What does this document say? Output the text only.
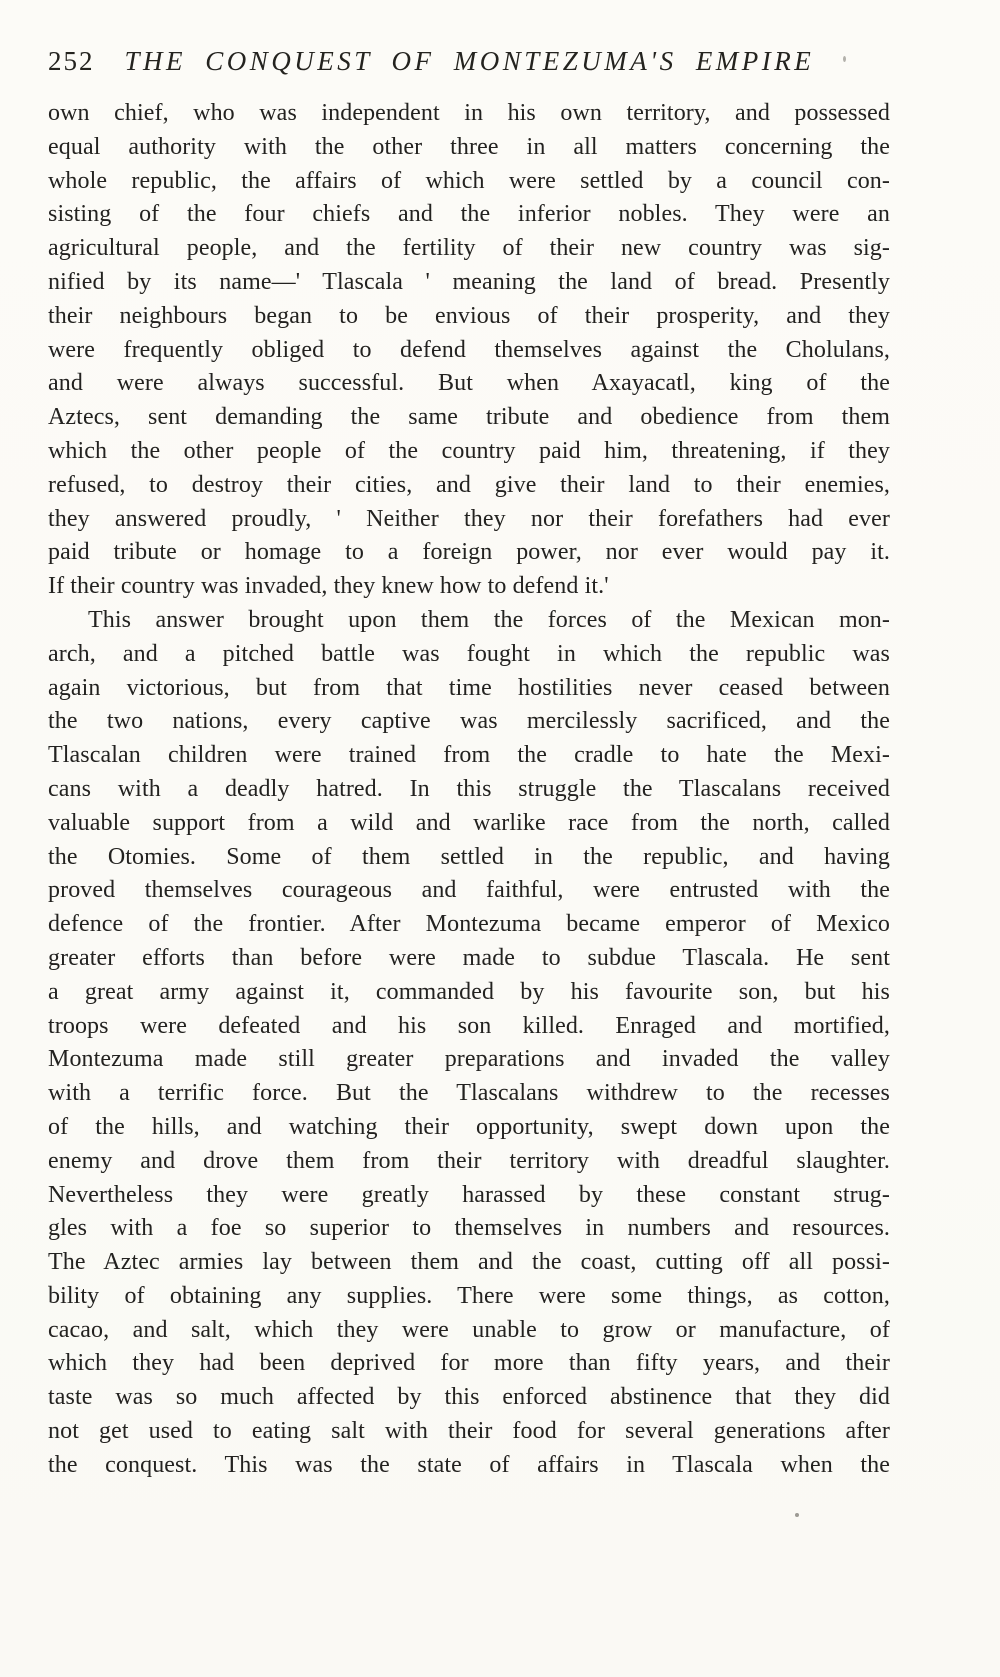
252 THE CONQUEST OF MONTEZUMA'S EMPIRE
own chief, who was independent in his own territory, and possessed
equal authority with the other three in all matters concerning the
whole republic, the affairs of which were settled by a council con-
sisting of the four chiefs and the inferior nobles. They were an
agricultural people, and the fertility of their new country was sig-
nified by its name—' Tlascala ' meaning the land of bread. Presently
their neighbours began to be envious of their prosperity, and they
were frequently obliged to defend themselves against the Cholulans,
and were always successful. But when Axayacatl, king of the
Aztecs, sent demanding the same tribute and obedience from them
which the other people of the country paid him, threatening, if they
refused, to destroy their cities, and give their land to their enemies,
they answered proudly, ' Neither they nor their forefathers had ever
paid tribute or homage to a foreign power, nor ever would pay it.
If their country was invaded, they knew how to defend it.'
This answer brought upon them the forces of the Mexican mon-
arch, and a pitched battle was fought in which the republic was
again victorious, but from that time hostilities never ceased between
the two nations, every captive was mercilessly sacrificed, and the
Tlascalan children were trained from the cradle to hate the Mexi-
cans with a deadly hatred. In this struggle the Tlascalans received
valuable support from a wild and warlike race from the north, called
the Otomies. Some of them settled in the republic, and having
proved themselves courageous and faithful, were entrusted with the
defence of the frontier. After Montezuma became emperor of Mexico
greater efforts than before were made to subdue Tlascala. He sent
a great army against it, commanded by his favourite son, but his
troops were defeated and his son killed. Enraged and mortified,
Montezuma made still greater preparations and invaded the valley
with a terrific force. But the Tlascalans withdrew to the recesses
of the hills, and watching their opportunity, swept down upon the
enemy and drove them from their territory with dreadful slaughter.
Nevertheless they were greatly harassed by these constant strug-
gles with a foe so superior to themselves in numbers and resources.
The Aztec armies lay between them and the coast, cutting off all possi-
bility of obtaining any supplies. There were some things, as cotton,
cacao, and salt, which they were unable to grow or manufacture, of
which they had been deprived for more than fifty years, and their
taste was so much affected by this enforced abstinence that they did
not get used to eating salt with their food for several generations after
the conquest. This was the state of affairs in Tlascala when the
